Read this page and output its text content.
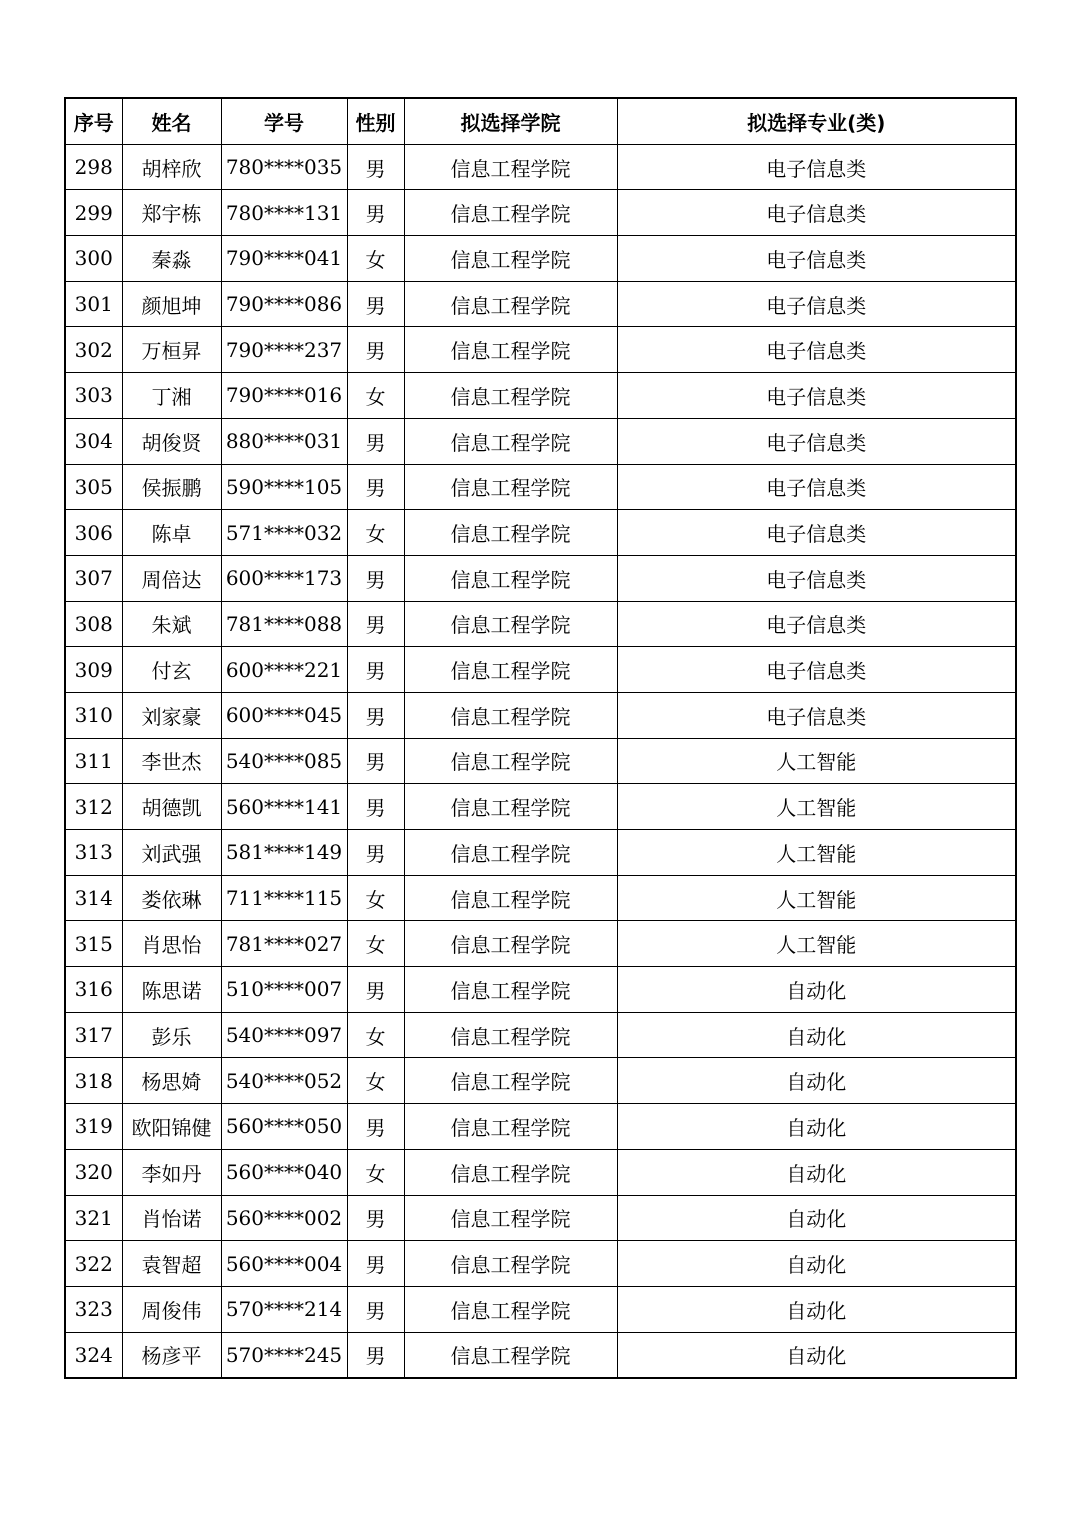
序号	姓名	学号	性别	拟选择学院	拟选择专业(类)
298	胡梓欣	780****035	男	信息工程学院	电子信息类
299	郑宇栋	780****131	男	信息工程学院	电子信息类
300	秦淼	790****041	女	信息工程学院	电子信息类
301	颜旭坤	790****086	男	信息工程学院	电子信息类
302	万桓昇	790****237	男	信息工程学院	电子信息类
303	丁湘	790****016	女	信息工程学院	电子信息类
304	胡俊贤	880****031	男	信息工程学院	电子信息类
305	侯振鹏	590****105	男	信息工程学院	电子信息类
306	陈卓	571****032	女	信息工程学院	电子信息类
307	周倍达	600****173	男	信息工程学院	电子信息类
308	朱斌	781****088	男	信息工程学院	电子信息类
309	付玄	600****221	男	信息工程学院	电子信息类
310	刘家豪	600****045	男	信息工程学院	电子信息类
311	李世杰	540****085	男	信息工程学院	人工智能
312	胡德凯	560****141	男	信息工程学院	人工智能
313	刘武强	581****149	男	信息工程学院	人工智能
314	娄依琳	711****115	女	信息工程学院	人工智能
315	肖思怡	781****027	女	信息工程学院	人工智能
316	陈思诺	510****007	男	信息工程学院	自动化
317	彭乐	540****097	女	信息工程学院	自动化
318	杨思婍	540****052	女	信息工程学院	自动化
319	欧阳锦健	560****050	男	信息工程学院	自动化
320	李如丹	560****040	女	信息工程学院	自动化
321	肖怡诺	560****002	男	信息工程学院	自动化
322	袁智超	560****004	男	信息工程学院	自动化
323	周俊伟	570****214	男	信息工程学院	自动化
324	杨彦平	570****245	男	信息工程学院	自动化
